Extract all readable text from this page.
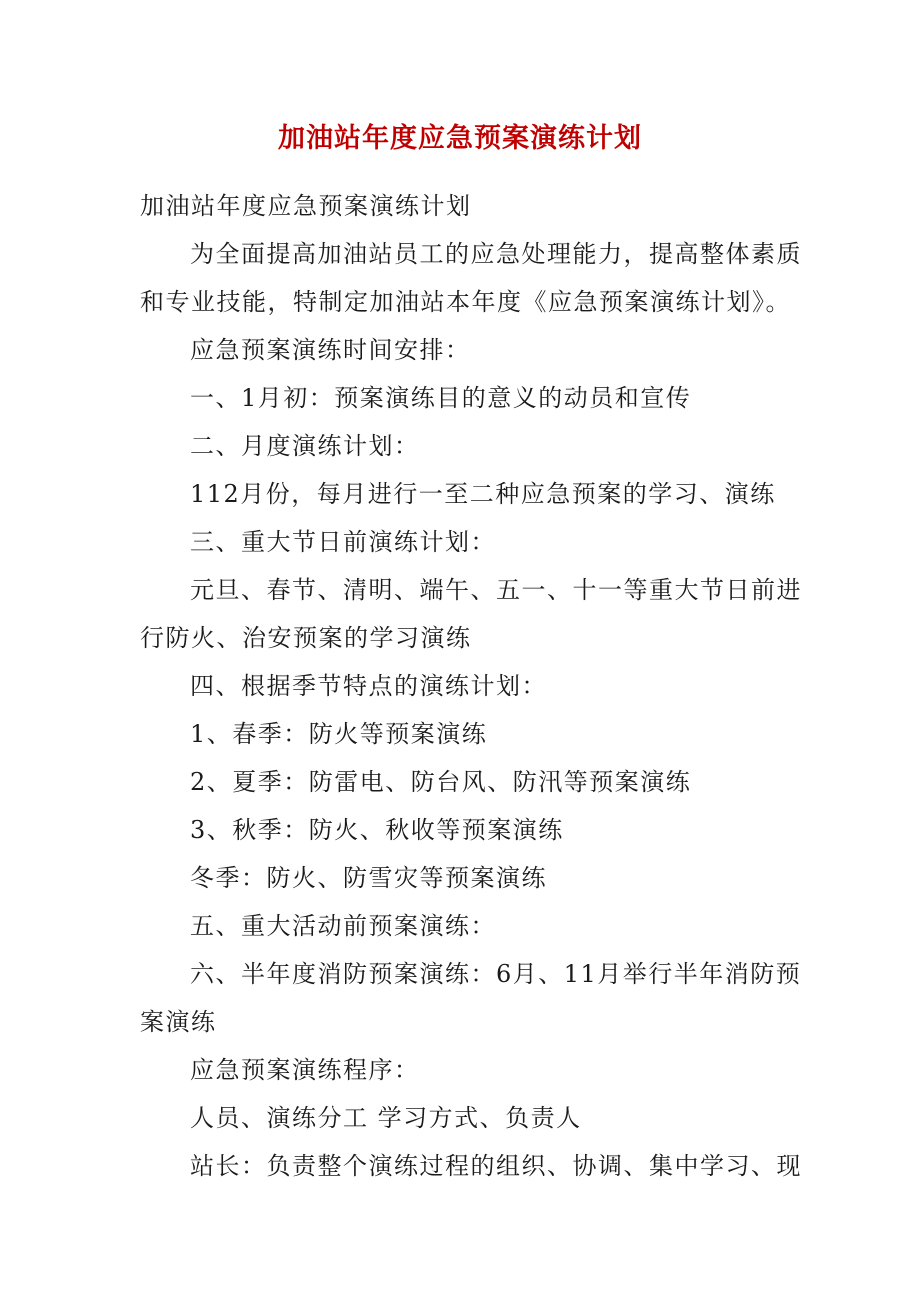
加油站年度应急预案演练计划
加油站年度应急预案演练计划
为全面提高加油站员工的应急处理能力，提高整体素质
和专业技能，特制定加油站本年度《应急预案演练计划》。
应急预案演练时间安排：
一、1月初：预案演练目的意义的动员和宣传
二、月度演练计划：
112月份，每月进行一至二种应急预案的学习、演练
三、重大节日前演练计划：
元旦、春节、清明、端午、五一、十一等重大节日前进
行防火、治安预案的学习演练
四、根据季节特点的演练计划：
1、春季：防火等预案演练
2、夏季：防雷电、防台风、防汛等预案演练
3、秋季：防火、秋收等预案演练
冬季：防火、防雪灾等预案演练
五、重大活动前预案演练：
六、半年度消防预案演练：6月、11月举行半年消防预
案演练
应急预案演练程序：
人员、演练分工 学习方式、负责人
站长：负责整个演练过程的组织、协调、集中学习、现
